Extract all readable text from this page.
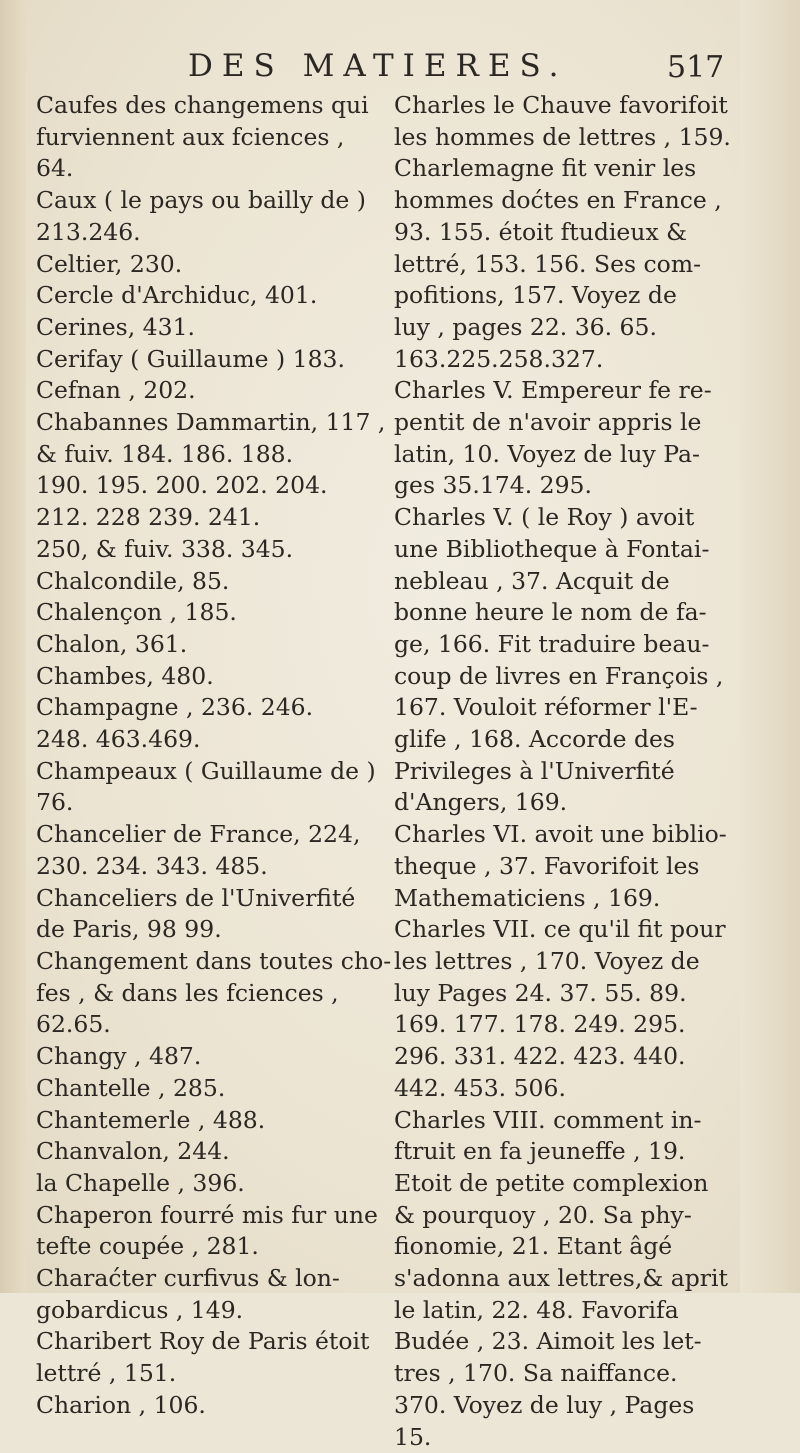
DES MATIERES.	517

Caufes des changemens qui
furviennent aux fciences ,
64.

Caux ( le pays ou bailly de )
213.246.

Celtier, 230.

Cercle d'Archiduc, 401.

Cerines, 431.

Cerifay ( Guillaume ) 183.

Cefnan , 202.

Chabannes Dammartin, 117 ,
& fuiv. 184. 186. 188.
190. 195. 200. 202. 204.
212. 228 239. 241.
250, & fuiv. 338. 345.

Chalcondile, 85.

Chalençon , 185.

Chalon, 361.

Chambes, 480.

Champagne , 236. 246.
248. 463.469.

Champeaux ( Guillaume de )
76.

Chancelier de France, 224,
230. 234. 343. 485.

Chanceliers de l'Univerfité
de Paris, 98 99.

Changement dans toutes cho-
fes , & dans les fciences ,
62.65.

Changy , 487.

Chantelle , 285.

Chantemerle , 488.

Chanvalon, 244.

la Chapelle , 396.

Chaperon fourré mis fur une
tefte coupée , 281.

Charaćter curfivus & lon-
gobardicus , 149.

Charibert Roy de Paris étoit
lettré , 151.

Charion , 106.

Charles le Chauve favorifoit
les hommes de lettres , 159.

Charlemagne fit venir les
hommes doćtes en France ,
93. 155. étoit ftudieux &
lettré, 153. 156. Ses com-
pofitions, 157. Voyez de
luy , pages 22. 36. 65.
163.225.258.327.

Charles V. Empereur fe re-
pentit de n'avoir appris le
latin, 10. Voyez de luy Pa-
ges 35.174. 295.

Charles V. ( le Roy ) avoit
une Bibliotheque à Fontai-
nebleau , 37. Acquit de
bonne heure le nom de fa-
ge, 166. Fit traduire beau-
coup de livres en François ,
167. Vouloit réformer l'E-
glife , 168. Accorde des
Privileges à l'Univerfité
d'Angers, 169.

Charles VI. avoit une biblio-
theque , 37. Favorifoit les
Mathematiciens , 169.

Charles VII. ce qu'il fit pour
les lettres , 170. Voyez de
luy Pages 24. 37. 55. 89.
169. 177. 178. 249. 295.
296. 331. 422. 423. 440.
442. 453. 506.

Charles VIII. comment in-
ftruit en fa jeuneffe , 19.
Etoit de petite complexion
& pourquoy , 20. Sa phy-
fionomie, 21. Etant âgé
s'adonna aux lettres,& aprit
le latin, 22. 48. Favorifa
Budée , 23. Aimoit les let-
tres , 170. Sa naiffance.
370. Voyez de luy , Pages
15.
